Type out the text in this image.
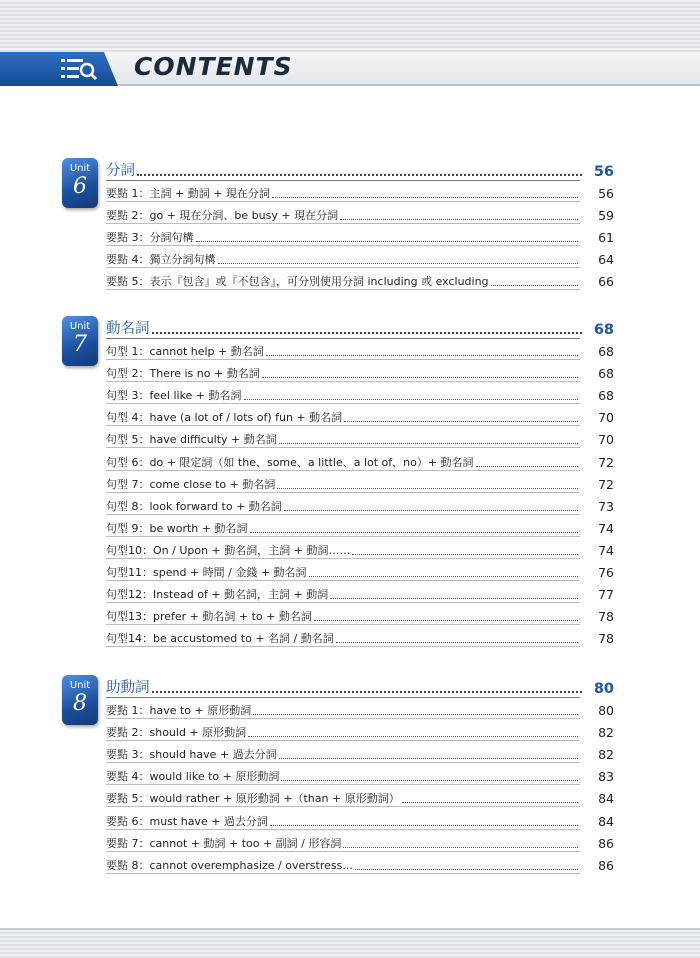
CONTENTS
Unit
6
分詞	56
要點 1：主詞 + 動詞 + 現在分詞	56
要點 2：go + 現在分詞、be busy + 現在分詞	59
要點 3：分詞句構	61
要點 4：獨立分詞句構	64
要點 5：表示『包含』或『不包含』，可分別使用分詞 including 或 excluding	66
Unit
7
動名詞	68
句型 1：cannot help + 動名詞	68
句型 2：There is no + 動名詞	68
句型 3：feel like + 動名詞	68
句型 4：have (a lot of / lots of) fun + 動名詞	70
句型 5：have difficulty + 動名詞	70
句型 6：do + 限定詞（如 the、some、a little、a lot of、no）+ 動名詞	72
句型 7：come close to + 動名詞	72
句型 8：look forward to + 動名詞	73
句型 9：be worth + 動名詞	74
句型10：On / Upon + 動名詞，主詞 + 動詞……	74
句型11：spend + 時間 / 金錢 + 動名詞	76
句型12：Instead of + 動名詞，主詞 + 動詞	77
句型13：prefer + 動名詞 + to + 動名詞	78
句型14：be accustomed to + 名詞 / 動名詞	78
Unit
8
助動詞	80
要點 1：have to + 原形動詞	80
要點 2：should + 原形動詞	82
要點 3：should have + 過去分詞	82
要點 4：would like to + 原形動詞	83
要點 5：would rather + 原形動詞 +（than + 原形動詞）	84
要點 6：must have + 過去分詞	84
要點 7：cannot + 動詞 + too + 副詞 / 形容詞	86
要點 8：cannot overemphasize / overstress...	86
